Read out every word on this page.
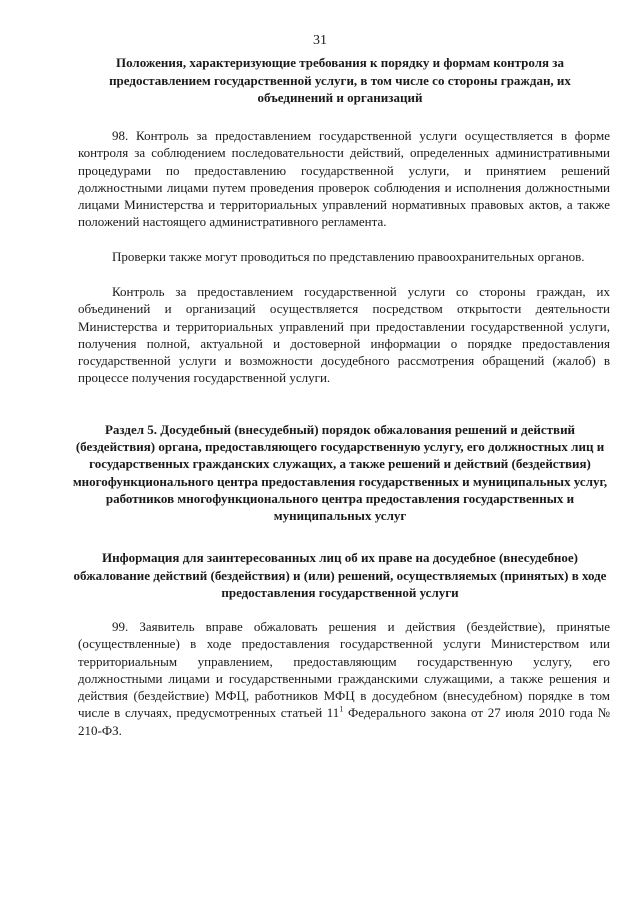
31
Положения, характеризующие требования к порядку и формам контроля за предоставлением государственной услуги, в том числе со стороны граждан, их объединений и организаций

98. Контроль за предоставлением государственной услуги осуществляется в форме контроля за соблюдением последовательности действий, определенных административными процедурами по предоставлению государственной услуги, и принятием решений должностными лицами путем проведения проверок соблюдения и исполнения должностными лицами Министерства и территориальных управлений нормативных правовых актов, а также положений настоящего административного регламента.

Проверки также могут проводиться по представлению правоохранительных органов.

Контроль за предоставлением государственной услуги со стороны граждан, их объединений и организаций осуществляется посредством открытости деятельности Министерства и территориальных управлений при предоставлении государственной услуги, получения полной, актуальной и достоверной информации о порядке предоставления государственной услуги и возможности досудебного рассмотрения обращений (жалоб) в процессе получения государственной услуги.

Раздел 5. Досудебный (внесудебный) порядок обжалования решений и действий (бездействия) органа, предоставляющего государственную услугу, его должностных лиц и государственных гражданских служащих, а также решений и действий (бездействия) многофункционального центра предоставления государственных и муниципальных услуг, работников многофункционального центра предоставления государственных и муниципальных услуг
Информация для заинтересованных лиц об их праве на досудебное (внесудебное) обжалование действий (бездействия) и (или) решений, осуществляемых (принятых) в ходе предоставления государственной услуги

99. Заявитель вправе обжаловать решения и действия (бездействие), принятые (осуществленные) в ходе предоставления государственной услуги Министерством или территориальным управлением, предоставляющим государственную услугу, его должностными лицами и государственными гражданскими служащими, а также решения и действия (бездействие) МФЦ, работников МФЦ в досудебном (внесудебном) порядке в том числе в случаях, предусмотренных статьей $11^1$ Федерального закона от 27 июля 2010 года № 210-ФЗ.
